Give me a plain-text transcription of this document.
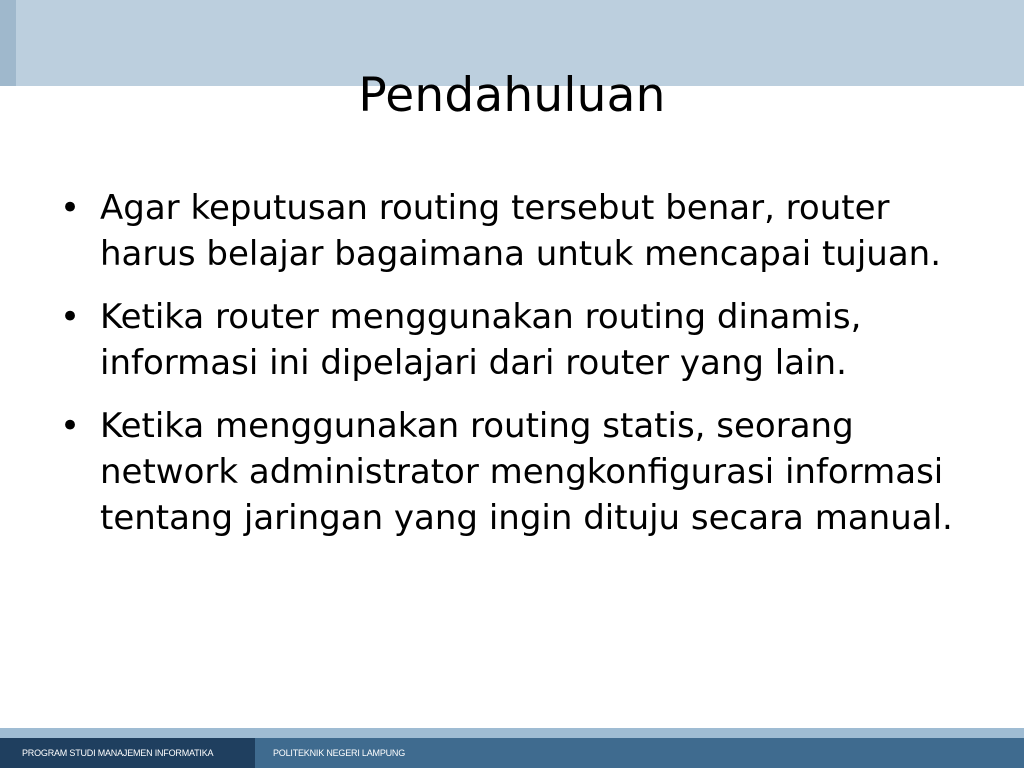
Pendahuluan
• Agar keputusan routing tersebut benar, router harus belajar bagaimana untuk mencapai tujuan.
• Ketika router menggunakan routing dinamis, informasi ini dipelajari dari router yang lain.
• Ketika menggunakan routing statis, seorang network administrator mengkonfigurasi informasi tentang jaringan yang ingin dituju secara manual.
PROGRAM STUDI MANAJEMEN INFORMATIKA	POLITEKNIK NEGERI LAMPUNG
